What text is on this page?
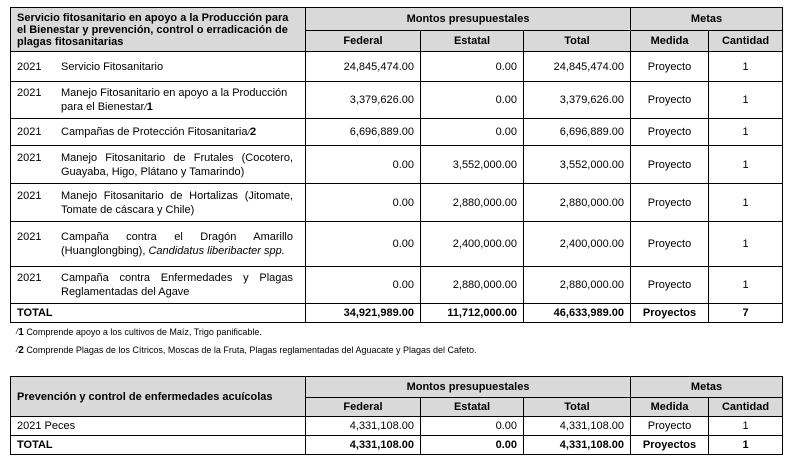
Servicio fitosanitario en apoyo a la Producción para el Bienestar y prevención, control o erradicación de plagas fitosanitarias	Montos presupuestales			Metas	
	Federal	Estatal	Total	Medida	Cantidad
2021 Servicio Fitosanitario	24,845,474.00	0.00	24,845,474.00	Proyecto	1
2021 Manejo Fitosanitario en apoyo a la Producción para el Bienestar/1	3,379,626.00	0.00	3,379,626.00	Proyecto	1
2021 Campañas de Protección Fitosanitaria/2	6,696,889.00	0.00	6,696,889.00	Proyecto	1
2021 Manejo Fitosanitario de Frutales (Cocotero, Guayaba, Higo, Plátano y Tamarindo)	0.00	3,552,000.00	3,552,000.00	Proyecto	1
2021 Manejo Fitosanitario de Hortalizas (Jitomate, Tomate de cáscara y Chile)	0.00	2,880,000.00	2,880,000.00	Proyecto	1
2021 Campaña contra el Dragón Amarillo (Huanglongbing), Candidatus liberibacter spp.	0.00	2,400,000.00	2,400,000.00	Proyecto	1
2021 Campaña contra Enfermedades y Plagas Reglamentadas del Agave	0.00	2,880,000.00	2,880,000.00	Proyecto	1
TOTAL	34,921,989.00	11,712,000.00	46,633,989.00	Proyectos	7
/1 Comprende apoyo a los cultivos de Maíz, Trigo panificable.
/2 Comprende Plagas de los Cítricos, Moscas de la Fruta, Plagas reglamentadas del Aguacate y Plagas del Cafeto.
Prevención y control de enfermedades acuícolas	Montos presupuestales			Metas	
	Federal	Estatal	Total	Medida	Cantidad
2021 Peces	4,331,108.00	0.00	4,331,108.00	Proyecto	1
TOTAL	4,331,108.00	0.00	4,331,108.00	Proyectos	1
